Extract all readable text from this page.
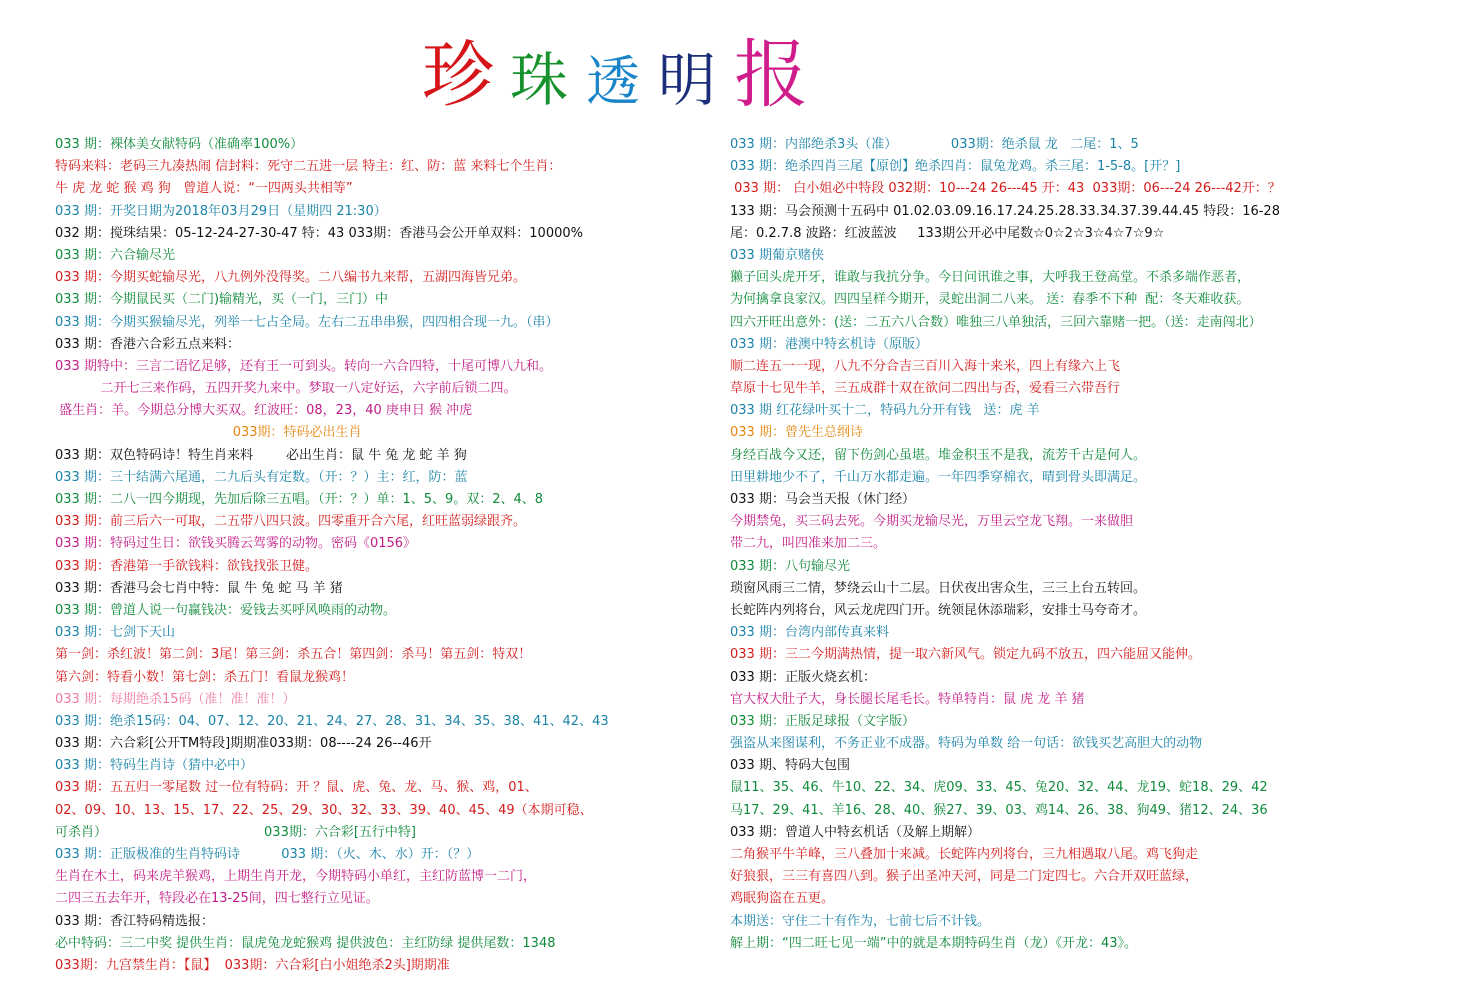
珍 珠 透 明 报
033 期：裸体美女献特码（准确率100%）
特码来料：老码三九凑热闹 信封料：死守二五进一层 特主：红、防：蓝 来料七个生肖：
牛 虎 龙 蛇 猴 鸡 狗   曾道人说：“一四两头共相等”
033 期：开奖日期为2018年03月29日（星期四 21:30）
032 期：搅珠结果：05-12-24-27-30-47 特：43 033期：香港马会公开单双料：10000%
033 期：六合输尽光
033 期：今期买蛇输尽光，八九例外没得奖。二八编书九来帮，五湖四海皆兄弟。
033 期：今期鼠民买（二门)输精光，买（一门，三门）中
033 期：今期买猴输尽光，列举一七占全局。左右二五串串猴，四四相合现一九。（串）
033 期：香港六合彩五点来料：
033 期特中：三言二语忆足够，还有王一可到头。转向一六合四特，十尾可博八九和。
二开七三来作码，五四开奖九来中。梦取一八定好运，六字前后锁二四。
盛生肖：羊。今期总分博大买双。红波旺：08，23，40 庚申日 猴 冲虎
033期：特码必出生肖
033 期：双色特码诗！特生肖来料        必出生肖：鼠 牛 兔 龙 蛇 羊 狗
033 期：三十结满六尾通，二九后头有定数。（开：？）主：红，防：蓝
033 期：二八一四今期现，先加后除三五唱。（开：？）单：1、5、9。双：2、4、8
033 期：前三后六一可取，二五带八四只波。四零重开合六尾，红旺蓝弱绿跟齐。
033 期：特码过生日：欲钱买腾云驾雾的动物。密码《0156》
033 期：香港第一手欲钱料：欲钱找张卫健。
033 期：香港马会七肖中特：鼠 牛 兔 蛇 马 羊 猪
033 期：曾道人说一句赢钱决：爱钱去买呼风唤雨的动物。
033 期：七剑下天山
第一剑：杀红波！第二剑：3尾！第三剑：杀五合！第四剑：杀马！第五剑：特双！
第六剑：特看小数！第七剑：杀五门！看鼠龙猴鸡！
033 期：每期绝杀15码（准！准！准！）
033 期：绝杀15码：04、07、12、20、21、24、27、28、31、34、35、38、41、42、43
033 期：六合彩[公开TM特段]期期准033期：08----24 26--46开
033 期：特码生肖诗（猜中必中）
033 期：五五归一零尾数 过一位有特码：开 ？鼠、虎、兔、龙、马、猴、鸡，01、
02、09、10、13、15、17、22、25、29、30、32、33、39、40、45、49（本期可稳、
可杀肖）                                      033期：六合彩[五行中特]
033 期：正版极准的生肖特码诗          033 期：（火、木、水）开：（？）
生肖在木土，码来虎羊猴鸡，上期生肖开龙，今期特码小单红，主红防蓝博一二门，
二四三五去年开，特段必在13-25间，四七整行立见证。
033 期：香江特码精选报：
必中特码：三二中奖 提供生肖：鼠虎兔龙蛇猴鸡 提供波色：主红防绿 提供尾数：1348
033期：九宫禁生肖：【鼠】  033期：六合彩[白小姐绝杀2头]期期准
033 期：内部绝杀3头（准）             033期：绝杀鼠 龙   二尾：1、5
033 期：绝杀四肖三尾【原创】绝杀四肖：鼠兔龙鸡。杀三尾：1-5-8。[开？]
033 期： 白小姐必中特段 032期：10---24 26---45 开：43  033期：06---24 26---42开：？
133 期：马会预测十五码中 01.02.03.09.16.17.24.25.28.33.34.37.39.44.45 特段：16-28
尾：0.2.7.8 波路：红波蓝波     133期公开必中尾数☆0☆2☆3☆4☆7☆9☆
033 期葡京赌侠
獭子回头虎开牙，谁敢与我抗分争。今日问讯谁之事，大呼我王登高堂。不杀多端作恶者，
为何擒拿良家汉。四四呈样今期开，灵蛇出洞二八来。 送：春季不下种  配：冬天难收获。
四六开旺出意外：(送：二五六八合数）唯独三八单独活，三回六靠赌一把。（送：走南闯北）
033 期：港澳中特玄机诗（原版）
顺二连五一一现，八九不分合吉三百川入海十来米，四上有缘六上飞
草原十七见牛羊，三五成群十双在欲问二四出与否，爱看三六带吾行
033 期 红花绿叶买十二，特码九分开有钱   送：虎 羊
033 期：曾先生总纲诗
身经百战今又还，留下伤剑心虽堪。堆金积玉不是我，流芳千古是何人。
田里耕地少不了，千山万水都走遍。一年四季穿棉衣，晴到骨头即满足。
033 期：马会当天报（休门经）
今期禁兔，买三码去死。今期买龙输尽光，万里云空龙飞翔。一来做胆
带二九，叫四准来加二三。
033 期：八句输尽光
琐窗风雨三二情，梦绕云山十二层。日伏夜出害众生，三三上台五转回。
长蛇阵内列将台，风云龙虎四门开。统领昆休添瑞彩，安排士马夸奇才。
033 期：台湾内部传真来料
033 期：三二今期满热情，提一取六新风气。锁定九码不放五，四六能屈又能伸。
033 期：正版火烧玄机：
官大权大肚子大，身长腿长尾毛长。特单特肖：鼠 虎 龙 羊 猪
033 期：正版足球报（文字版）
强盗从来图谋利，不务正业不成器。特码为单数 给一句话：欲钱买艺高胆大的动物
033 期、特码大包围
鼠11、35、46、牛10、22、34、虎09、33、45、兔20、32、44、龙19、蛇18、29、42
马17、29、41、羊16、28、40、猴27、39、03、鸡14、26、38、狗49、猪12、24、36
033 期：曾道人中特玄机话（及解上期解）
二角猴平牛羊峰，三八叠加十来减。长蛇阵内列将台，三九相遇取八尾。鸡飞狗走
好狼狠，三三有喜四八到。猴子出圣冲天河，同是二门定四七。六合开双旺蓝绿，
鸡眠狗盗在五更。
本期送：守住二十有作为，七前七后不计钱。
解上期：“四二旺七见一端”中的就是本期特码生肖（龙）《开龙：43》。
